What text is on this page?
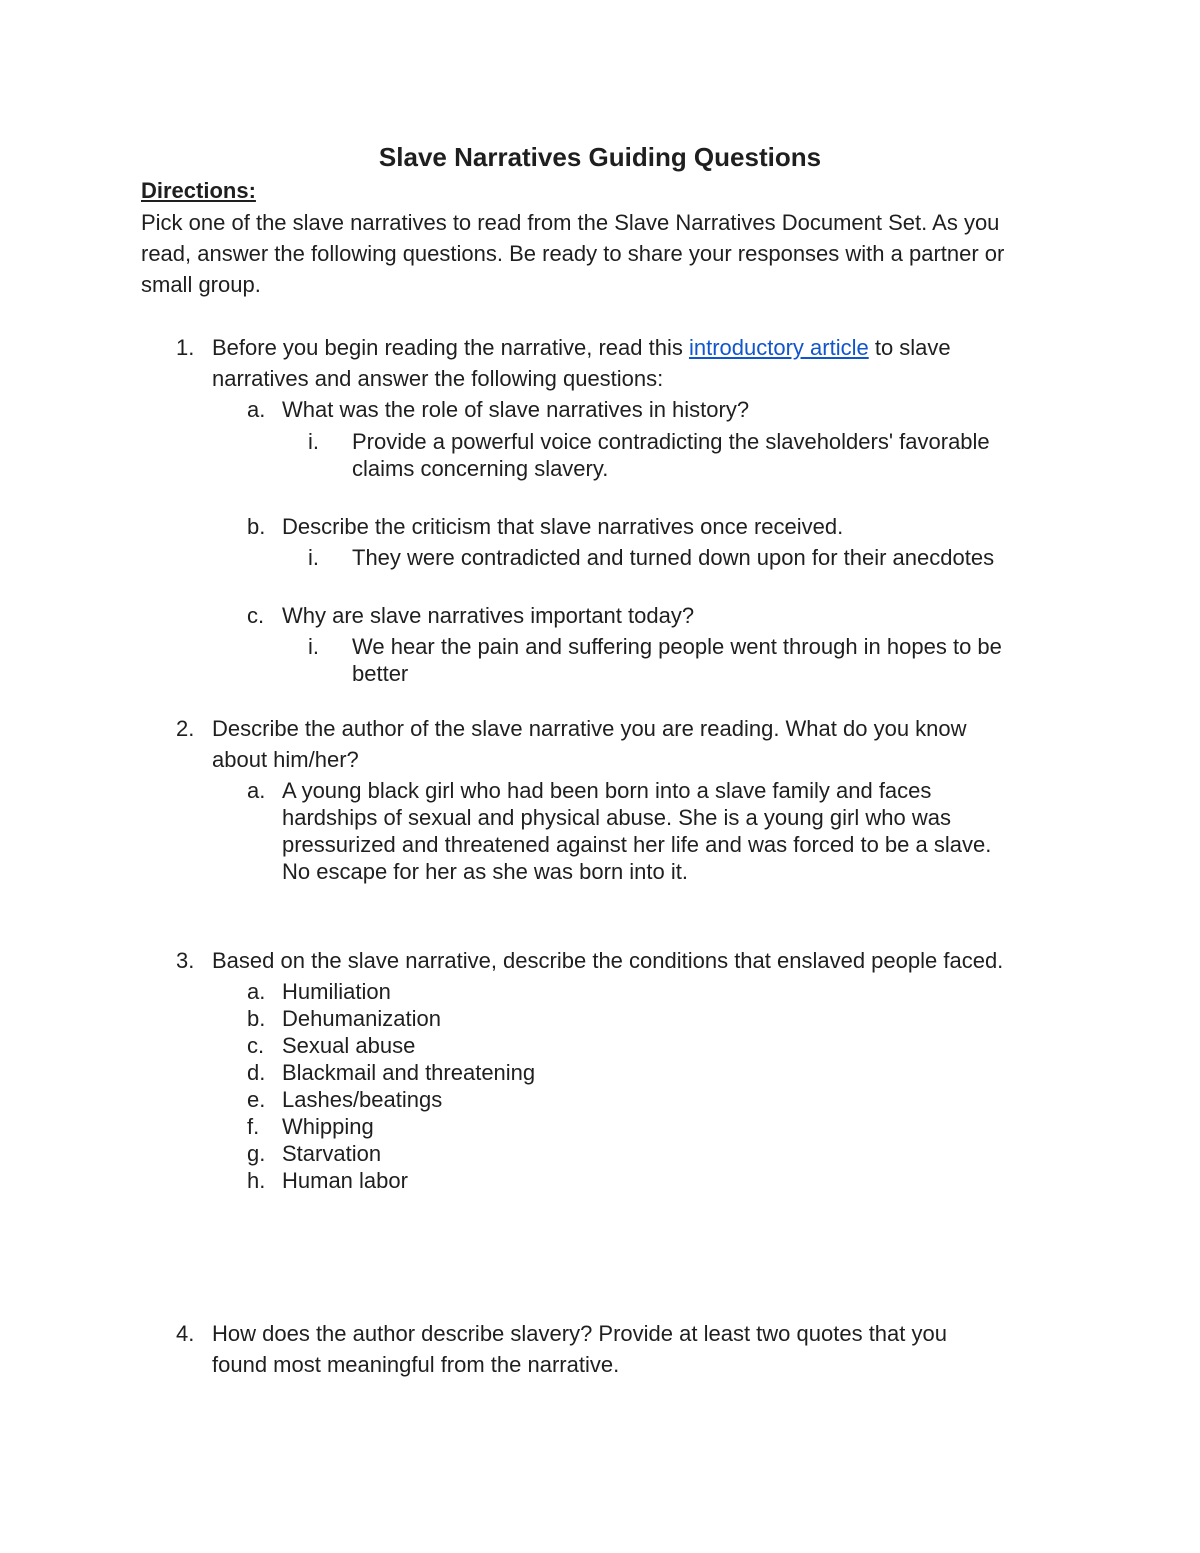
Slave Narratives Guiding Questions
Directions:
Pick one of the slave narratives to read from the Slave Narratives Document Set. As you read, answer the following questions. Be ready to share your responses with a partner or small group.
1. Before you begin reading the narrative, read this introductory article to slave
narratives and answer the following questions:
a. What was the role of slave narratives in history?
i. Provide a powerful voice contradicting the slaveholders' favorable
claims concerning slavery.
b. Describe the criticism that slave narratives once received.
i. They were contradicted and turned down upon for their anecdotes
c. Why are slave narratives important today?
i. We hear the pain and suffering people went through in hopes to be
better
2. Describe the author of the slave narrative you are reading. What do you know
about him/her?
a. A young black girl who had been born into a slave family and faces
hardships of sexual and physical abuse. She is a young girl who was
pressurized and threatened against her life and was forced to be a slave.
No escape for her as she was born into it.
3. Based on the slave narrative, describe the conditions that enslaved people faced.
a. Humiliation
b. Dehumanization
c. Sexual abuse
d. Blackmail and threatening
e. Lashes/beatings
f. Whipping
g. Starvation
h. Human labor
4. How does the author describe slavery? Provide at least two quotes that you
found most meaningful from the narrative.
